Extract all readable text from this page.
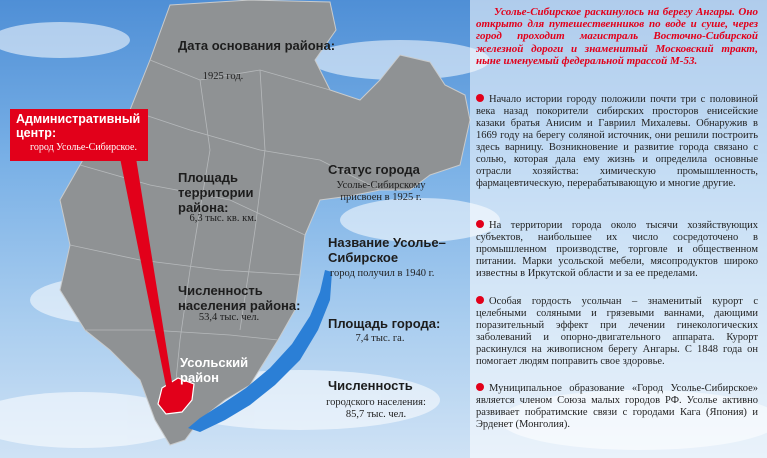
Дата основания района:

1925 год.

Административный центр:

город Усолье-Сибирское.

Площадь территории района:

6,3 тыс. кв. км.

Статус города

Усолье-Сибирскому присвоен в 1925 г.

Название Усолье–Сибирское

город получил в 1940 г.

Численность населения района:

53,4 тыс. чел.	Площадь города:

7,4 тыс. га.

Усольский район
Численность

городского населения: 85,7 тыс. чел.

Усолье-Сибирское раскинулось на берегу Ангары. Оно открыто для путешественников по воде и суше, через город проходит магистраль Восточно-Сибирской железной дороги и знаменитый Московский тракт, ныне именуемый федеральной трассой М-53.

Начало истории городу положили почти три с половиной века назад покорители сибирских просторов енисейские казаки братья Анисим и Гавриил Михалевы. Обнаружив в 1669 году на берегу соляной источник, они решили построить здесь варницу. Возникновение и развитие города связано с солью, которая дала ему жизнь и определила основные отрасли хозяйства: химическую промышленность, фармацевтическую, перерабатывающую и многие другие.

На территории города около тысячи хозяйствующих субъектов, наибольшее их число сосредоточено в промышленном производстве, торговле и общественном питании. Марки усольской мебели, мясопродуктов широко известны в Иркутской области и за ее пределами.

Особая гордость усольчан – знаменитый курорт с целебными соляными и грязевыми ваннами, дающими поразительный эффект при лечении гинекологических заболеваний и опорно-двигательного аппарата. Курорт раскинулся на живописном берегу Ангары. С 1848 года он помогает людям поправить свое здоровье.

Муниципальное образование «Город Усолье-Сибирское» является членом Союза малых городов РФ. Усолье активно развивает побратимские связи с городами Кага (Япония) и Эрденет (Монголия).
